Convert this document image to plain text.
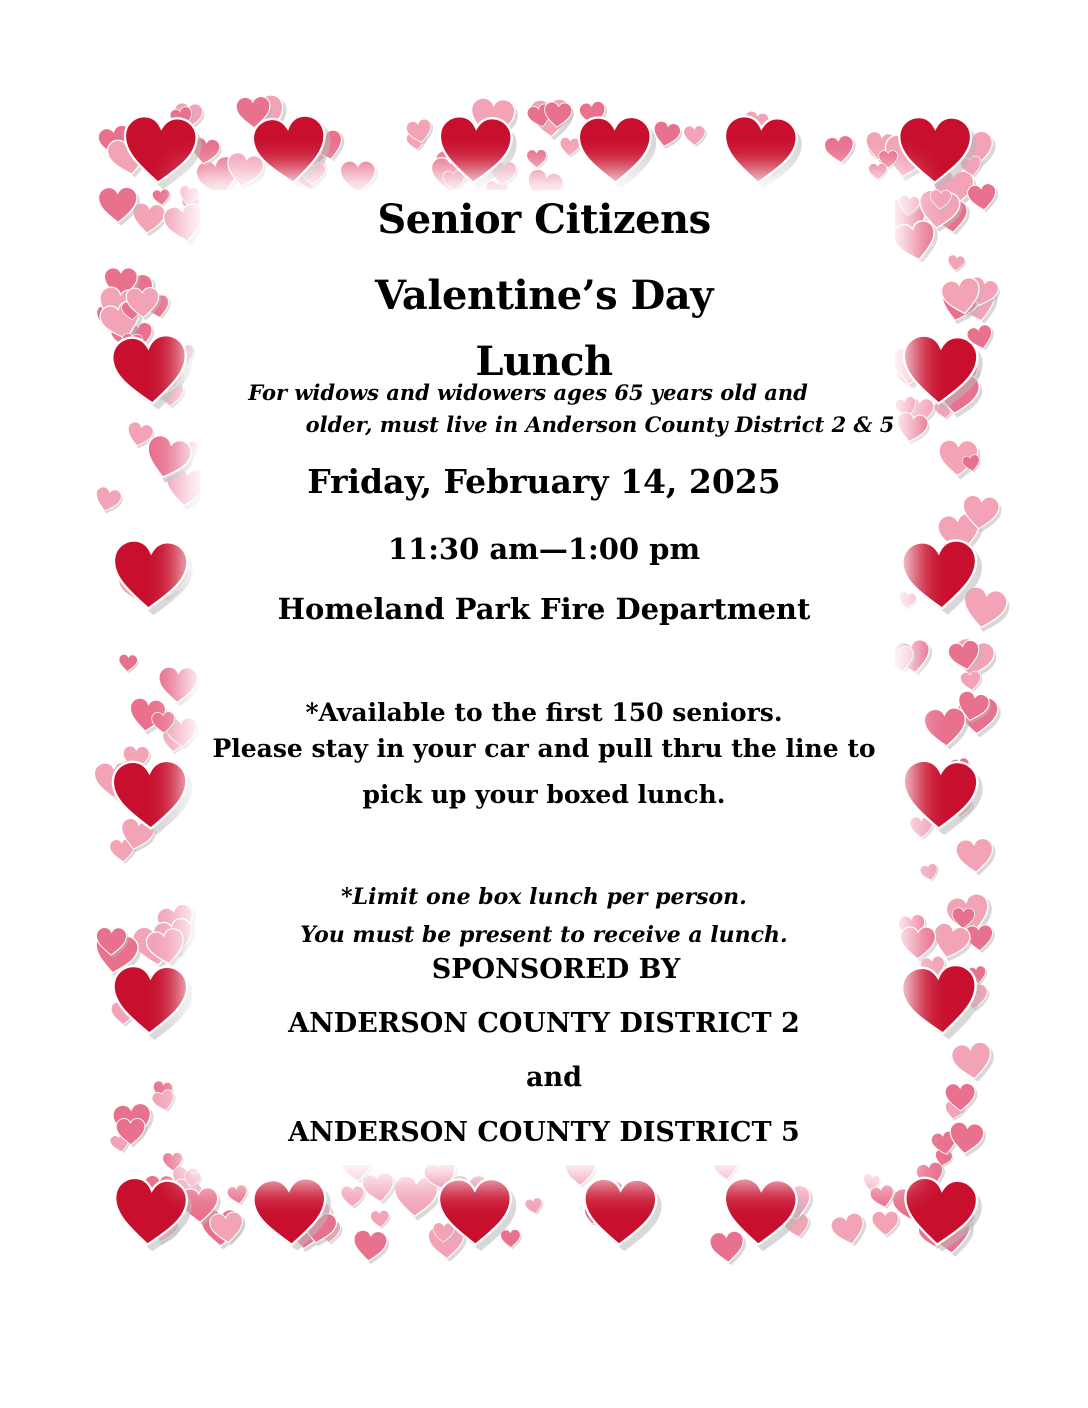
Senior Citizens
Valentine’s Day
Lunch
For widows and widowers ages 65 years old and
older, must live in Anderson County District 2 & 5
Friday, February 14, 2025
11:30 am—1:00 pm
Homeland Park Fire Department
*Available to the first 150 seniors.
Please stay in your car and pull thru the line to
pick up your boxed lunch.
*Limit one box lunch per person.
You must be present to receive a lunch.
SPONSORED BY
ANDERSON COUNTY DISTRICT 2
and
ANDERSON COUNTY DISTRICT 5
